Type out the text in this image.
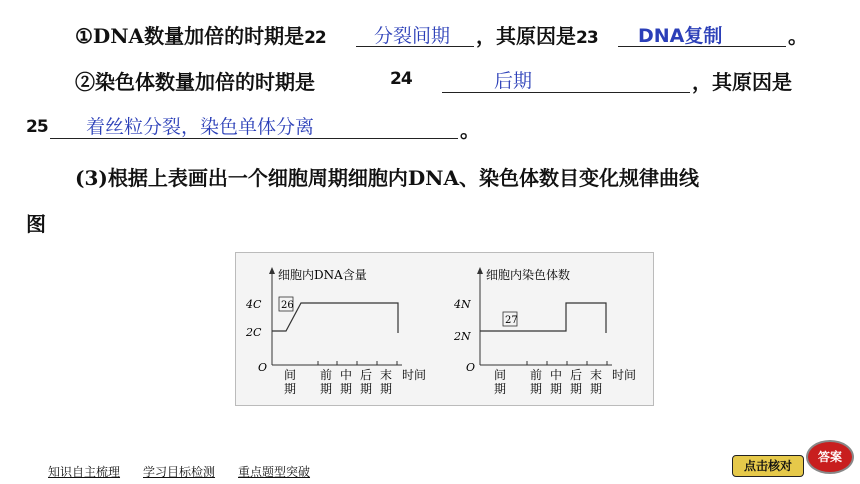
①DNA数量加倍的时期是22	分裂间期 ，其原因是23 DNA复制	。
②染色体数量加倍的时期是	24	后期	，其原因是
25 着丝粒分裂，染色单体分离	。
(3)根据上表画出一个细胞周期细胞内DNA、染色体数目变化规律曲线
图
细胞内DNA含量
4C
2C
O
26
间
期
前
期
中
期
后
期
末
期
时间
细胞内染色体数
4N
2N
O
27
间
期
前
期
中
期
后
期
末
期
时间
知识自主梳理 学习目标检测 重点题型突破	点击核对
答案
